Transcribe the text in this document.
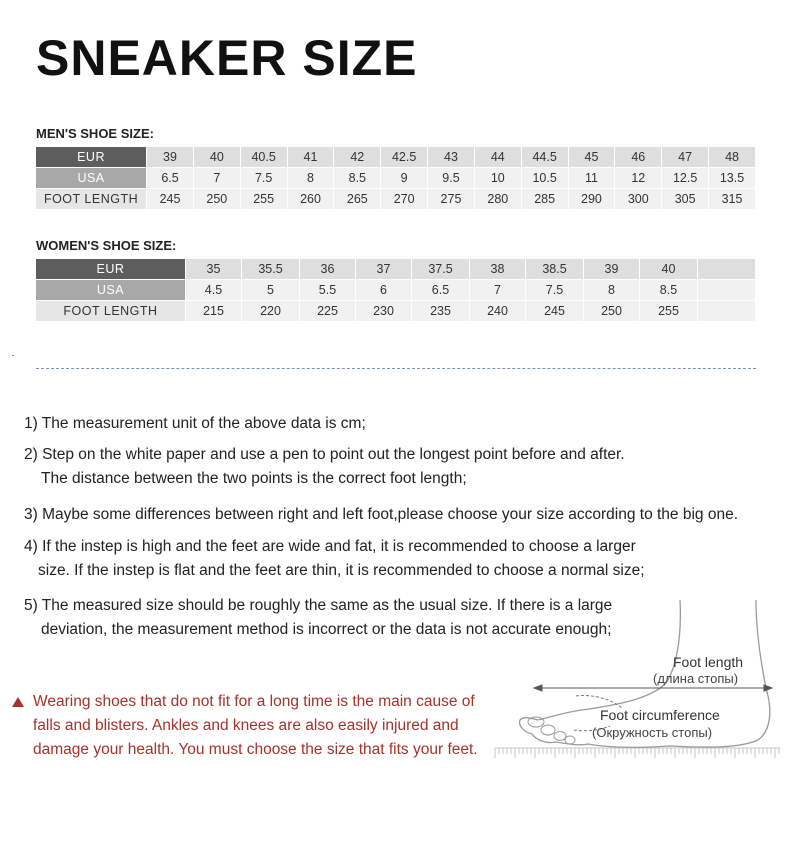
SNEAKER SIZE
MEN'S SHOE SIZE:
EUR	39	40	40.5	41	42	42.5	43	44	44.5	45	46	47	48
USA	6.5	7	7.5	8	8.5	9	9.5	10	10.5	11	12	12.5	13.5
FOOT LENGTH	245	250	255	260	265	270	275	280	285	290	300	305	315
WOMEN'S SHOE SIZE:
EUR	35	35.5	36	37	37.5	38	38.5	39	40	
USA	4.5	5	5.5	6	6.5	7	7.5	8	8.5	
FOOT LENGTH	215	220	225	230	235	240	245	250	255	
1) The measurement unit of the above data is cm;
2) Step on the white paper and use a pen to point out the longest point before and after.
The distance between the two points is the correct foot length;
3) Maybe some differences between right and left foot,please choose your size according to the big one.
4) If the instep is high and the feet are wide and fat, it is recommended to choose a larger
size. If the instep is flat and the feet are thin, it is recommended to choose a normal size;
5) The measured size should be roughly the same as the usual size. If there is a large
deviation, the measurement method is incorrect or the data is not accurate enough;
Wearing shoes that do not fit for a long time is the main cause of falls and blisters. Ankles and knees are also easily injured and damage your health. You must choose the size that fits your feet.
Foot length
(длина стопы)
Foot circumference
(Окружность стопы)
